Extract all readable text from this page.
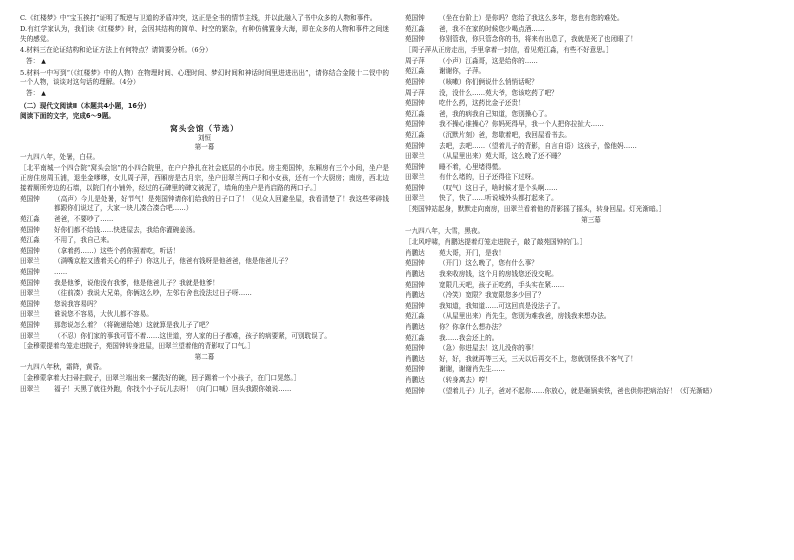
C.《红楼梦》中“宝玉挨打”证明了叛逆与卫道的矛盾冲突，这正是全书的情节主线，并以此融入了书中众多的人物和事件。

D.有红学家认为，我们读《红楼梦》时，会因其结构的简单、时空的繁杂，有种仿佛置身大海，即在众多的人物和事件之间迷失的感觉。

4.材料三在论证结构和论证方法上有何特点？请简要分析。（6分）

答： ▲

5.材料一中写到“（《红楼梦》中的人物）在物理时间、心理时间、梦幻时间和神话时间里进进出出”，请你结合金陵十二钗中的一个人物，谈谈对这句话的理解。（4分）

答： ▲
（二）现代文阅读Ⅱ（本题共4小题，16分）
阅读下面的文字，完成6～9题。
窝头会馆（节选）
刘恒
第一幕

一九四八年，处暑，白昼。

［北平南城一个四合院“窝头会馆”的小四合院里，在户户挣扎在社会底层的小市民。房主苑国钟，东厢房有三个小间，坐户是正房住房周玉浦，退坐金嗲嗲，女儿周子萍，西厢房是古月宗，坐户田翠兰两口子和小女孩，还有一个大厨房；南房，西北边接着厕所旁边的石墙，以院门有小铺外，经过的石碑里的碑文被泥了，墙角的坐户是肖启路的两口子。］

苑国钟	（高声）今儿是处暑，好节气！是苑国钟请你们给我的日子口了！（见众人回避坐屋，我看清楚了！我这些零碎钱都跟你们说过了，大家一块儿凑合凑合吧……）
苑江淼	爸爸，不要吵了……
苑国钟	好你们都不给钱……快进屋去，我给你灌碗姜汤。
苑江淼	不用了，我自己来。
苑国钟	（拿着药……）这些个药你照着吃，听话！
田翠兰	（满嘴京腔又透着关心的样子）你这儿子，他爸有钱呀是他爸爸，他是他爸儿子？
苑国钟	……
苑国钟	我是他爹，说他没有我爹，他是他爸儿子？我就是他爹！
田翠兰	（往前凑）我说大兄弟，你俩这么吵，左邻右舍也没法过日子呀……
苑国钟	您说我容易吗？
田翠兰	谁说您不容易，大伙儿都不容易。
苑国钟	那您说怎么着？（将碗递给她）这就算是我儿子了吧？
田翠兰	（不忍）你们家的事我可管不着……这世道，穷人家的日子都难，孩子的病要紧，可别耽误了。

［金穆蒙提着鸟笼走进院子，苑国钟转身进屋，田翠兰望着他的背影叹了口气。］

第二幕

一九四八年秋，霜降，黄昏。

［金穆蒙拿着大扫帚扫院子，田翠兰端出来一摞洗好的碗，回子踢着一个小孩子，在门口晃悠。］

田翠兰	福子！天黑了就往外跑，你找个小子玩儿去呀！（向门口喊）回头我跟你娘说……
苑国钟	（坐在台阶上）是你吗？您给了我这么多年，您也有您的难处。
苑江淼	爸，我不在家的时候您少喝点酒……
苑国钟	你别管我，你只管念你的书，将来有出息了，我就是死了也闭眼了！

［周子萍从正房走出，手里拿着一封信，看见苑江淼，有些不好意思。］

周子萍	（小声）江淼哥，这是给你的……
苑江淼	谢谢你，子萍。
苑国钟	（咳嗽）你们俩说什么悄悄话呢？
周子萍	没，没什么……苑大爷，您该吃药了吧？
苑国钟	吃什么药，这药比金子还贵！
苑江淼	爸，我的病我自己知道，您别操心了。
苑国钟	我不操心谁操心？你妈死得早，我一个人把你拉扯大……
苑江淼	（沉默片刻）爸，您歇着吧，我回屋看书去。
苑国钟	去吧，去吧……（望着儿子的背影，自言自语）这孩子，像他妈……
田翠兰	（从屋里出来）苑大哥，这么晚了还不睡？
苑国钟	睡不着，心里堵得慌。
田翠兰	有什么堵的，日子还得往下过呀。
苑国钟	（叹气）这日子，啥时候才是个头啊……
田翠兰	快了，快了……听说城外头都打起来了。

［苑国钟站起身，默默走向南房，田翠兰看着他的背影摇了摇头，转身回屋。灯光渐暗。］

第三幕

一九四八年，大雪，黑夜。

［北风呼啸，肖鹏达提着灯笼走进院子，敲了敲苑国钟的门。］

肖鹏达	苑大哥，开门，是我！
苑国钟	（开门）这么晚了，您有什么事？
肖鹏达	我来收房钱，这个月的房钱您还没交呢。
苑国钟	宽限几天吧，孩子正吃药，手头实在紧……
肖鹏达	（冷笑）宽限？我宽限您多少回了？
苑国钟	我知道，我知道……可这回真是没法子了。
苑江淼	（从屋里出来）肖先生，您别为难我爸，房钱我来想办法。
肖鹏达	你？你拿什么想办法？
苑江淼	我……我会还上的。
苑国钟	（急）你进屋去！这儿没你的事！
肖鹏达	好，好，我就再等三天，三天以后再交不上，您就别怪我不客气了！
苑国钟	谢谢，谢谢肖先生……
肖鹏达	（转身离去）哼！
苑国钟	（望着儿子）儿子，爸对不起你……你放心，就是砸锅卖铁，爸也供你把病治好！（灯光渐暗）
